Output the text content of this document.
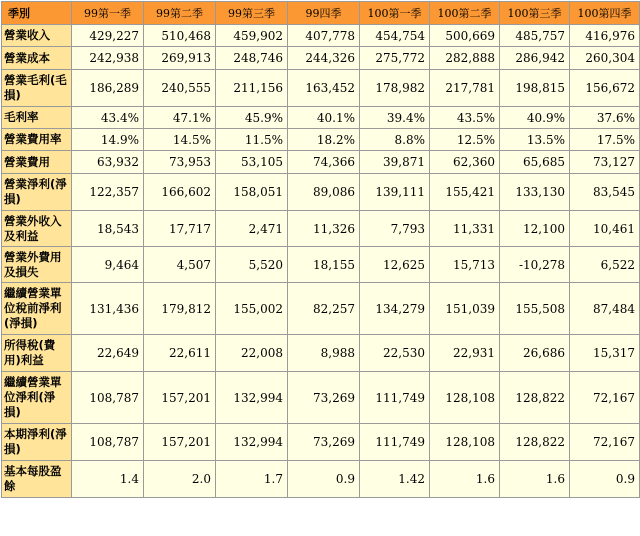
季別	99第一季	99第二季	99第三季	99四季	100第一季	100第二季	100第三季	100第四季
營業收入	429,227	510,468	459,902	407,778	454,754	500,669	485,757	416,976
營業成本	242,938	269,913	248,746	244,326	275,772	282,888	286,942	260,304
營業毛利(毛損)	186,289	240,555	211,156	163,452	178,982	217,781	198,815	156,672
毛利率	43.4%	47.1%	45.9%	40.1%	39.4%	43.5%	40.9%	37.6%
營業費用率	14.9%	14.5%	11.5%	18.2%	8.8%	12.5%	13.5%	17.5%
營業費用	63,932	73,953	53,105	74,366	39,871	62,360	65,685	73,127
營業淨利(淨損)	122,357	166,602	158,051	89,086	139,111	155,421	133,130	83,545
營業外收入及利益	18,543	17,717	2,471	11,326	7,793	11,331	12,100	10,461
營業外費用及損失	9,464	4,507	5,520	18,155	12,625	15,713	-10,278	6,522
繼續營業單位稅前淨利(淨損)	131,436	179,812	155,002	82,257	134,279	151,039	155,508	87,484
所得稅(費用)利益	22,649	22,611	22,008	8,988	22,530	22,931	26,686	15,317
繼續營業單位淨利(淨損)	108,787	157,201	132,994	73,269	111,749	128,108	128,822	72,167
本期淨利(淨損)	108,787	157,201	132,994	73,269	111,749	128,108	128,822	72,167
基本每股盈餘	1.4	2.0	1.7	0.9	1.42	1.6	1.6	0.9
